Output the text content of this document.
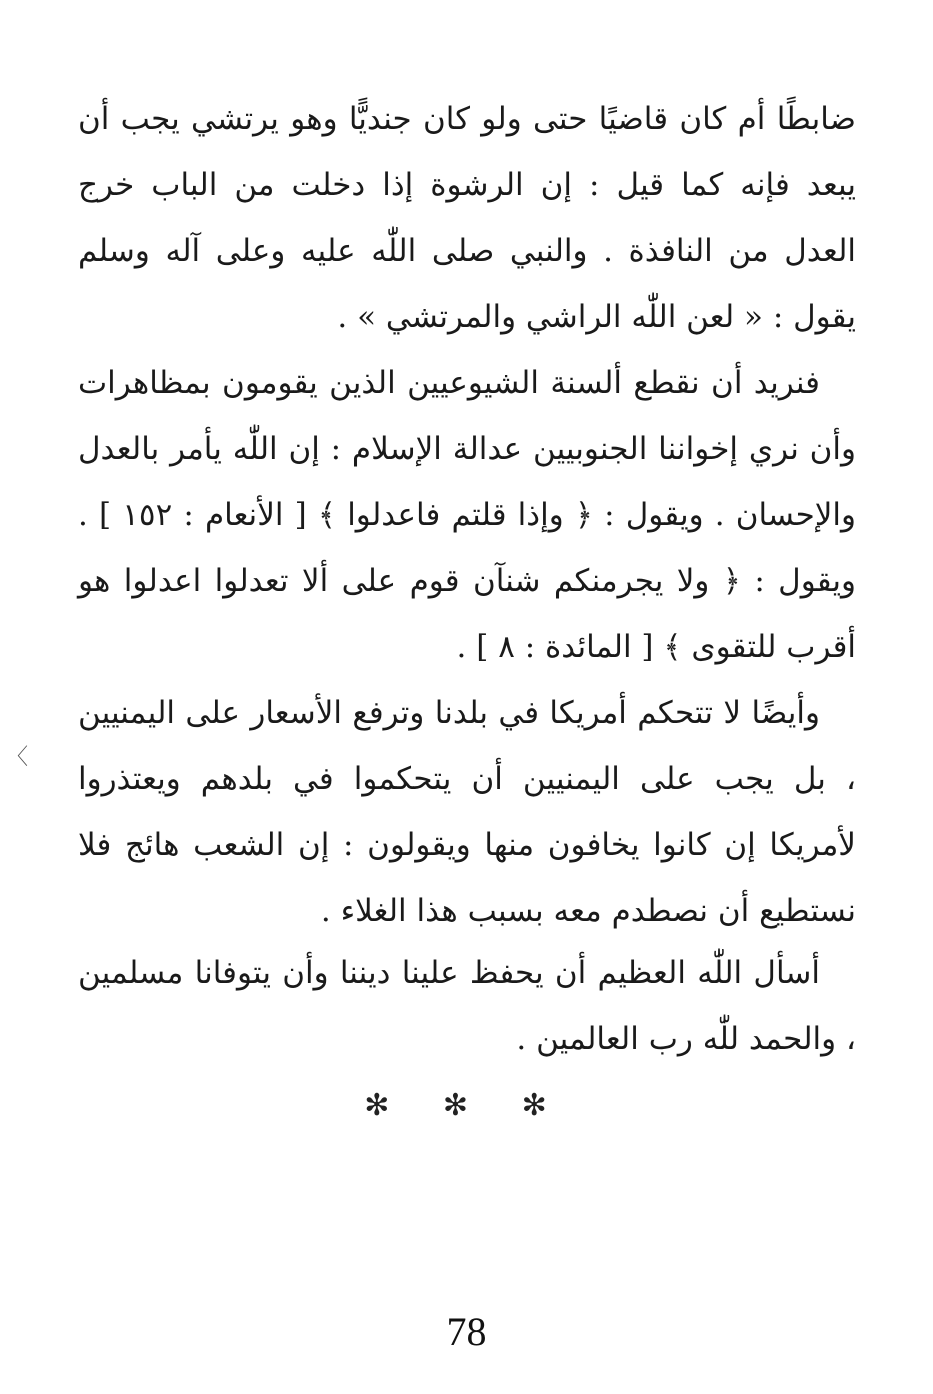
ضابطًا أم كان قاضيًا حتى ولو كان جنديًّا وهو يرتشي يجب أن يبعد فإنه كما قيل : إن الرشوة إذا دخلت من الباب خرج العدل من النافذة . والنبي صلى اللّٰه عليه وعلى آله وسلم يقول : « لعن اللّٰه الراشي والمرتشي » .

فنريد أن نقطع ألسنة الشيوعيين الذين يقومون بمظاهرات وأن نري إخواننا الجنوبيين عدالة الإسلام : إن اللّٰه يأمر بالعدل والإحسان . ويقول : ﴿ وإذا قلتم فاعدلوا ﴾ [ الأنعام : ١٥٢ ] . ويقول : ﴿ ولا يجرمنكم شنآن قوم على ألا تعدلوا اعدلوا هو أقرب للتقوى ﴾ [ المائدة : ٨ ] .

وأيضًا لا تتحكم أمريكا في بلدنا وترفع الأسعار على اليمنيين ، بل يجب على اليمنيين أن يتحكموا في بلدهم ويعتذروا لأمريكا إن كانوا يخافون منها ويقولون : إن الشعب هائج فلا نستطيع أن نصطدم معه بسبب هذا الغلاء .

أسأل اللّٰه العظيم أن يحفظ علينا ديننا وأن يتوفانا مسلمين ، والحمد للّٰه رب العالمين .

✻ ✻ ✻
〈
78
